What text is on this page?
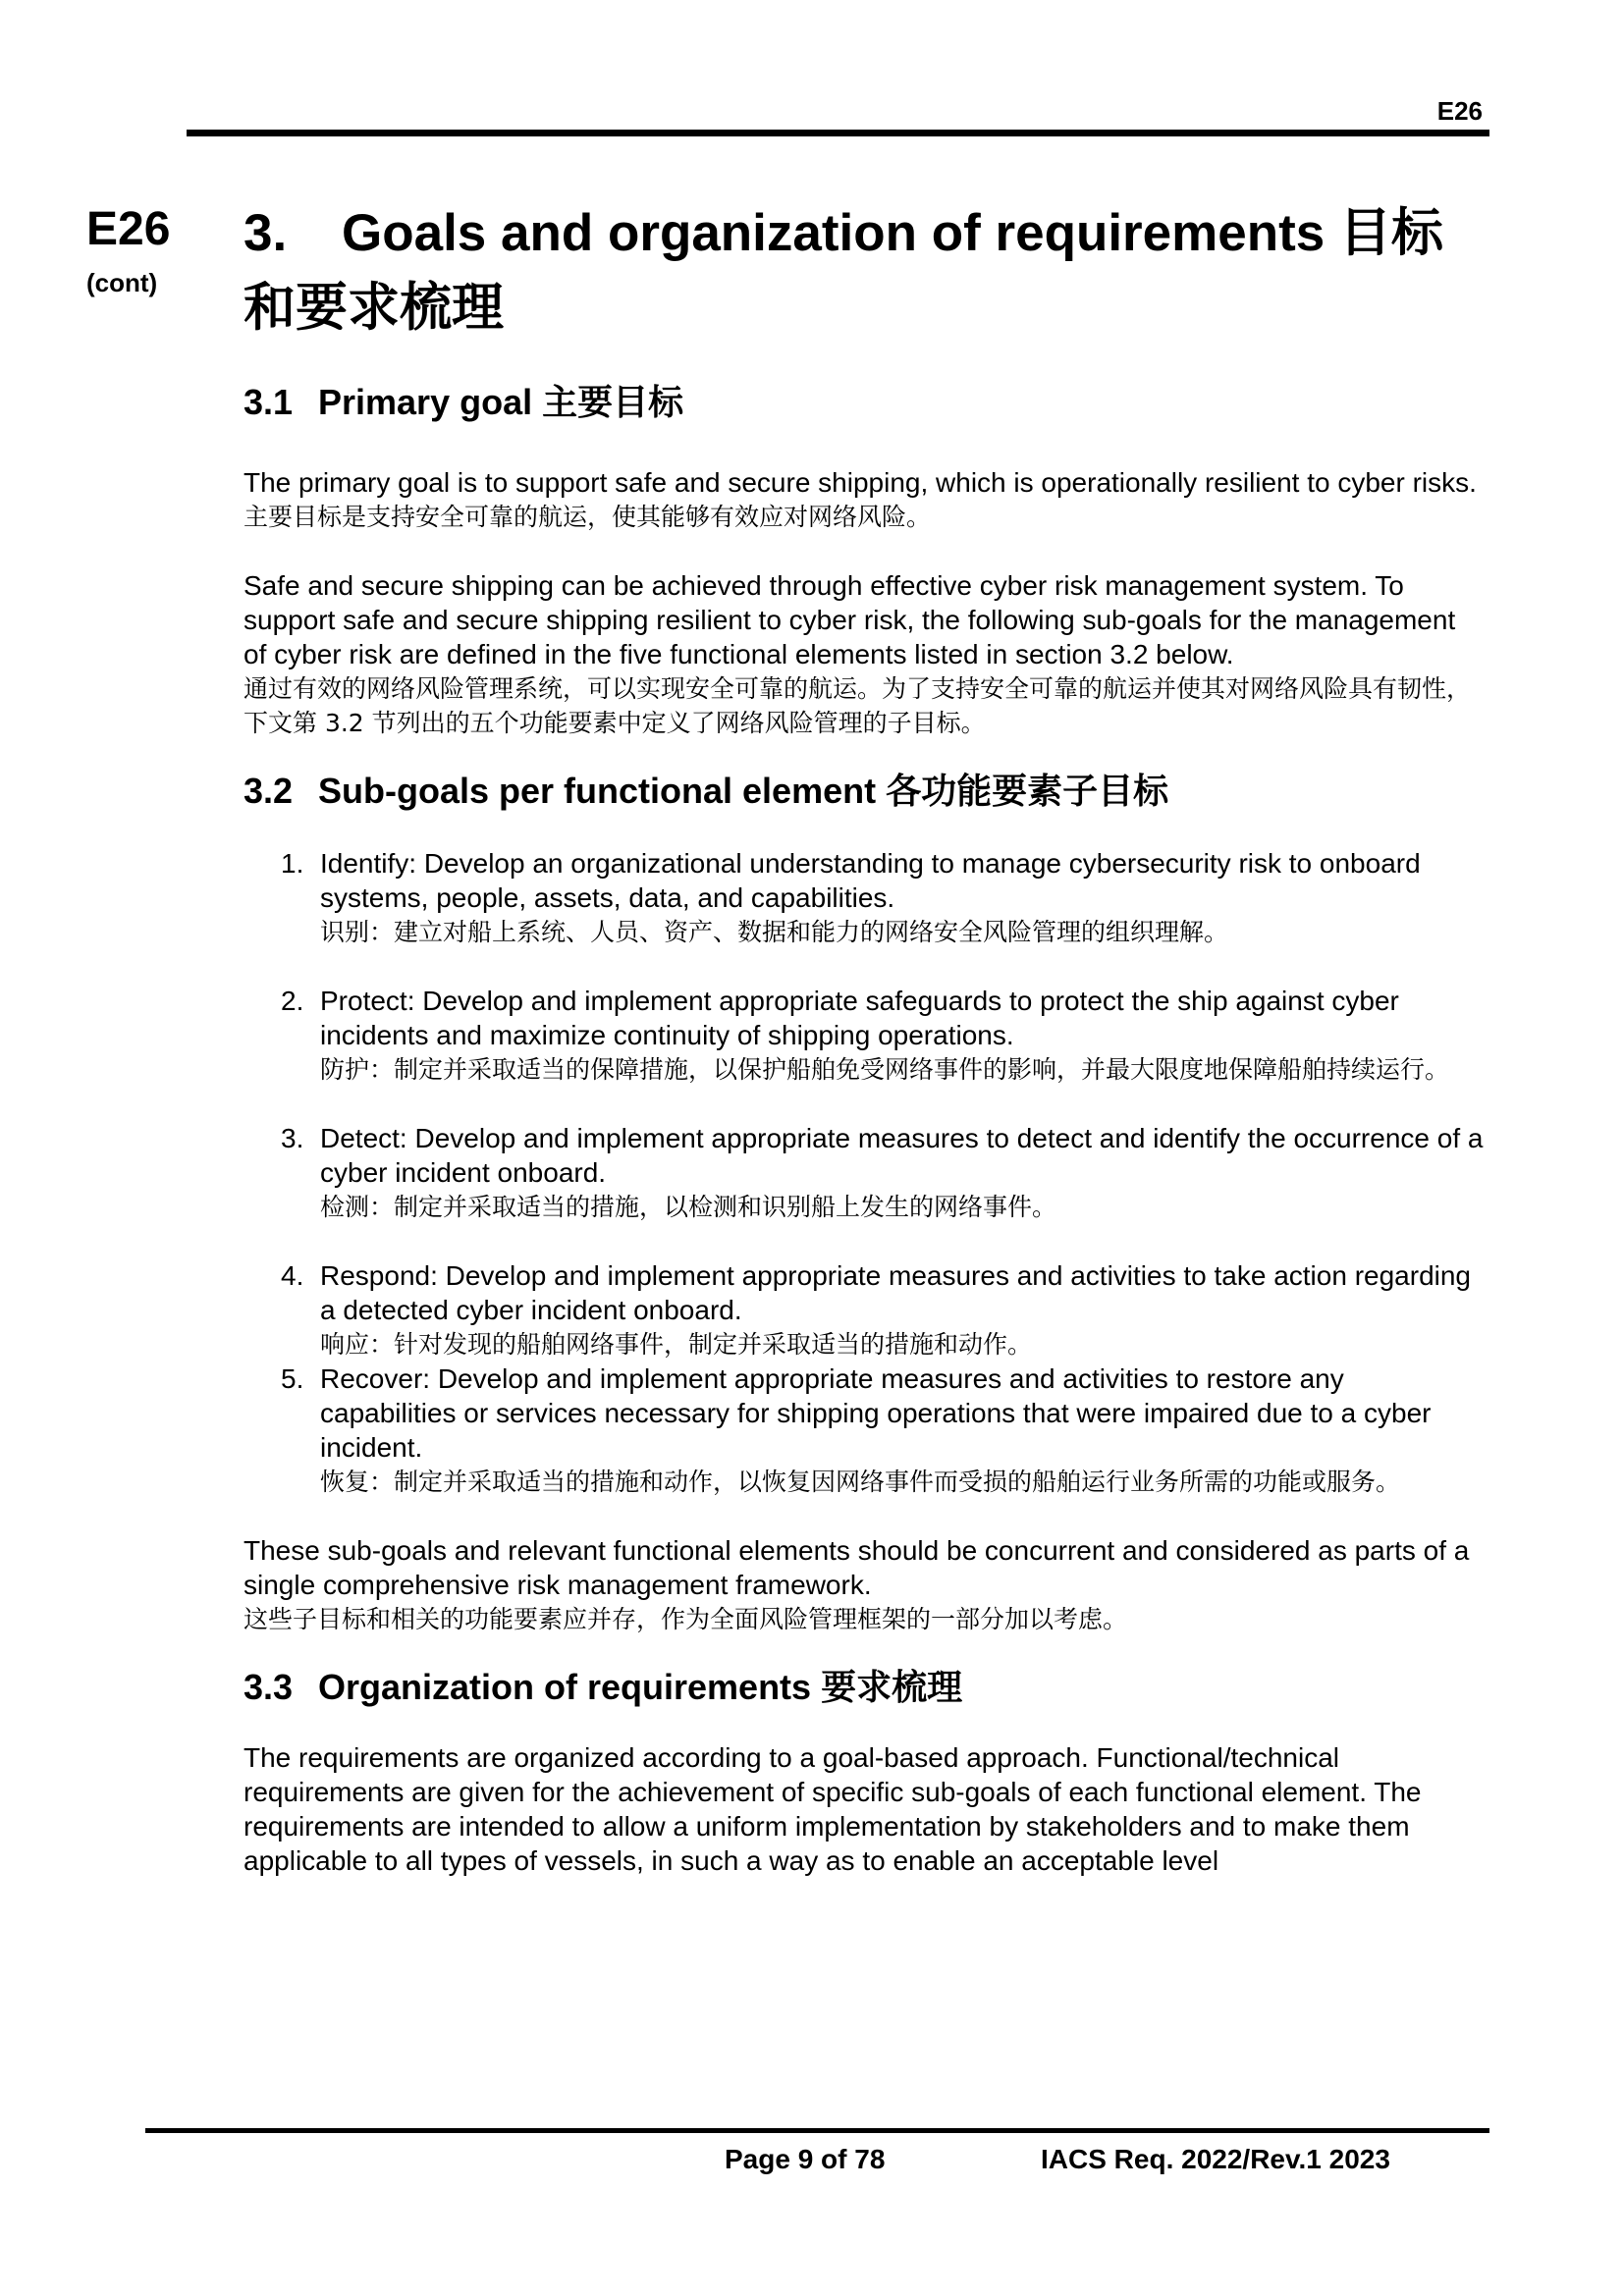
E26
E26
(cont)
3. Goals and organization of requirements 目标和要求梳理
3.1 Primary goal 主要目标

The primary goal is to support safe and secure shipping, which is operationally resilient to cyber risks.

主要目标是支持安全可靠的航运，使其能够有效应对网络风险。

Safe and secure shipping can be achieved through effective cyber risk management system. To support safe and secure shipping resilient to cyber risk, the following sub-goals for the management of cyber risk are defined in the five functional elements listed in section 3.2 below.

通过有效的网络风险管理系统，可以实现安全可靠的航运。为了支持安全可靠的航运并使其对网络风险具有韧性，下文第 3.2 节列出的五个功能要素中定义了网络风险管理的子目标。

3.2 Sub-goals per functional element 各功能要素子目标
1. Identify: Develop an organizational understanding to manage cybersecurity risk to onboard systems, people, assets, data, and capabilities.

识别：建立对船上系统、人员、资产、数据和能力的网络安全风险管理的组织理解。

2. Protect: Develop and implement appropriate safeguards to protect the ship against cyber incidents and maximize continuity of shipping operations.

防护：制定并采取适当的保障措施，以保护船舶免受网络事件的影响，并最大限度地保障船舶持续运行。

3. Detect: Develop and implement appropriate measures to detect and identify the occurrence of a cyber incident onboard.

检测：制定并采取适当的措施，以检测和识别船上发生的网络事件。

4. Respond: Develop and implement appropriate measures and activities to take action regarding a detected cyber incident onboard.

响应：针对发现的船舶网络事件，制定并采取适当的措施和动作。

5. Recover: Develop and implement appropriate measures and activities to restore any capabilities or services necessary for shipping operations that were impaired due to a cyber incident.

恢复：制定并采取适当的措施和动作，以恢复因网络事件而受损的船舶运行业务所需的功能或服务。

These sub-goals and relevant functional elements should be concurrent and considered as parts of a single comprehensive risk management framework.

这些子目标和相关的功能要素应并存，作为全面风险管理框架的一部分加以考虑。

3.3 Organization of requirements 要求梳理

The requirements are organized according to a goal-based approach. Functional/technical requirements are given for the achievement of specific sub-goals of each functional element. The requirements are intended to allow a uniform implementation by stakeholders and to make them applicable to all types of vessels, in such a way as to enable an acceptable level

Page 9 of 78	IACS Req. 2022/Rev.1 2023
